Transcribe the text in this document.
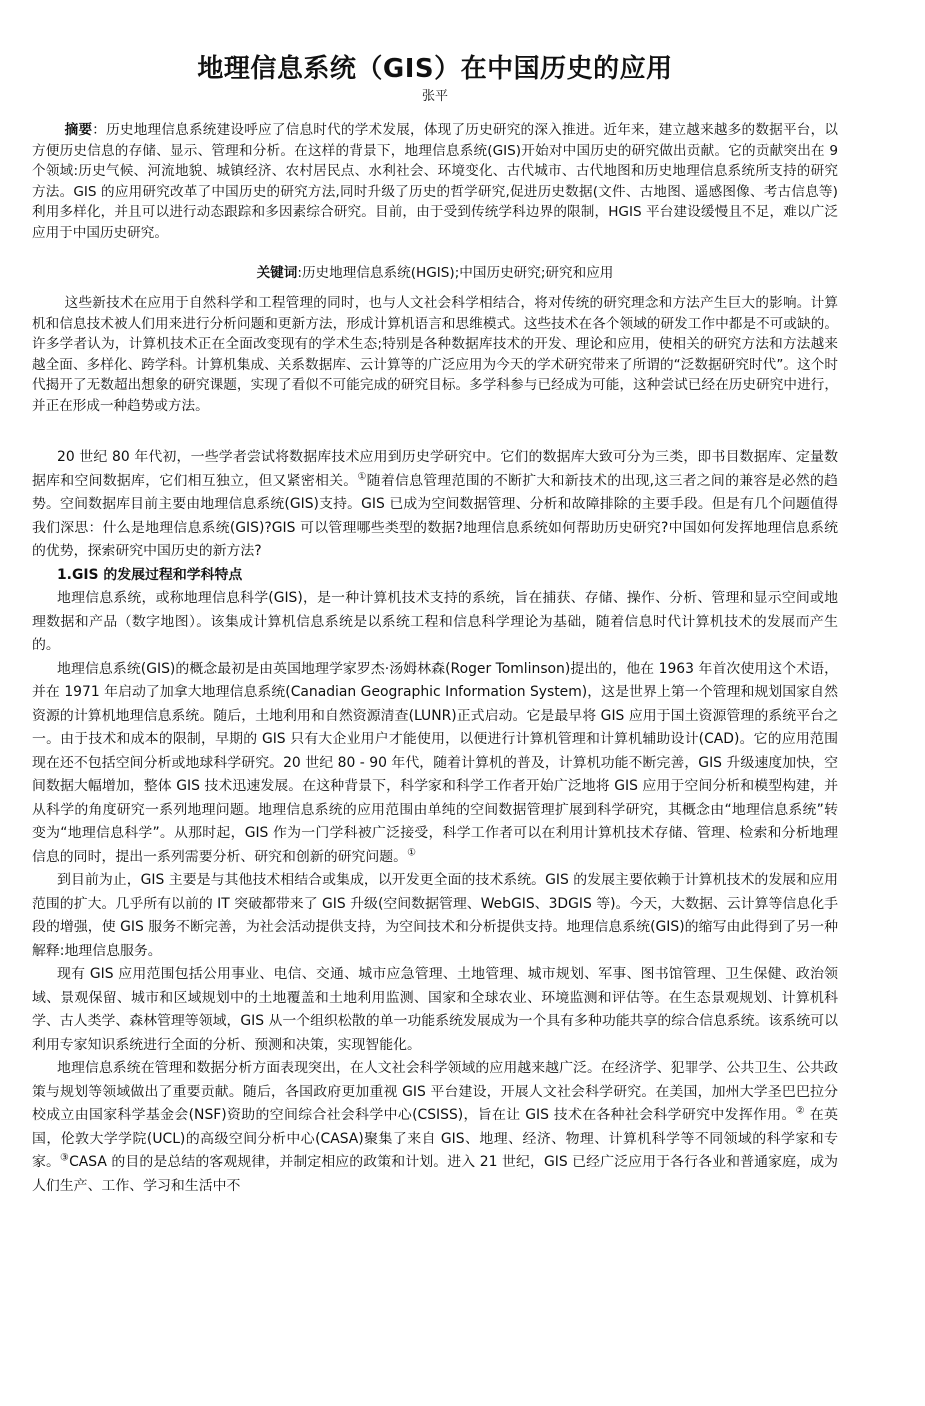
地理信息系统（GIS）在中国历史的应用

张平

摘要：历史地理信息系统建设呼应了信息时代的学术发展，体现了历史研究的深入推进。近年来，建立越来越多的数据平台，以方便历史信息的存储、显示、管理和分析。在这样的背景下，地理信息系统(GIS)开始对中国历史的研究做出贡献。它的贡献突出在 9 个领域:历史气候、河流地貌、城镇经济、农村居民点、水利社会、环境变化、古代城市、古代地图和历史地理信息系统所支持的研究方法。GIS 的应用研究改革了中国历史的研究方法,同时升级了历史的哲学研究,促进历史数据(文件、古地图、遥感图像、考古信息等)利用多样化，并且可以进行动态跟踪和多因素综合研究。目前，由于受到传统学科边界的限制，HGIS 平台建设缓慢且不足，难以广泛应用于中国历史研究。

关键词:历史地理信息系统(HGIS);中国历史研究;研究和应用

这些新技术在应用于自然科学和工程管理的同时，也与人文社会科学相结合，将对传统的研究理念和方法产生巨大的影响。计算机和信息技术被人们用来进行分析问题和更新方法，形成计算机语言和思维模式。这些技术在各个领域的研发工作中都是不可或缺的。许多学者认为，计算机技术正在全面改变现有的学术生态;特别是各种数据库技术的开发、理论和应用，使相关的研究方法和方法越来越全面、多样化、跨学科。计算机集成、关系数据库、云计算等的广泛应用为今天的学术研究带来了所谓的“泛数据研究时代”。这个时代揭开了无数超出想象的研究课题，实现了看似不可能完成的研究目标。多学科参与已经成为可能，这种尝试已经在历史研究中进行，并正在形成一种趋势或方法。

20 世纪 80 年代初，一些学者尝试将数据库技术应用到历史学研究中。它们的数据库大致可分为三类，即书目数据库、定量数据库和空间数据库，它们相互独立，但又紧密相关。①随着信息管理范围的不断扩大和新技术的出现,这三者之间的兼容是必然的趋势。空间数据库目前主要由地理信息系统(GIS)支持。GIS 已成为空间数据管理、分析和故障排除的主要手段。但是有几个问题值得我们深思：什么是地理信息系统(GIS)?GIS 可以管理哪些类型的数据?地理信息系统如何帮助历史研究?中国如何发挥地理信息系统的优势，探索研究中国历史的新方法?

1.GIS 的发展过程和学科特点

地理信息系统，或称地理信息科学(GIS)，是一种计算机技术支持的系统，旨在捕获、存储、操作、分析、管理和显示空间或地理数据和产品（数字地图）。该集成计算机信息系统是以系统工程和信息科学理论为基础，随着信息时代计算机技术的发展而产生的。

地理信息系统(GIS)的概念最初是由英国地理学家罗杰·汤姆林森(Roger Tomlinson)提出的，他在 1963 年首次使用这个术语，并在 1971 年启动了加拿大地理信息系统(Canadian Geographic Information System)，这是世界上第一个管理和规划国家自然资源的计算机地理信息系统。随后，土地利用和自然资源清查(LUNR)正式启动。它是最早将 GIS 应用于国土资源管理的系统平台之一。由于技术和成本的限制，早期的 GIS 只有大企业用户才能使用，以便进行计算机管理和计算机辅助设计(CAD)。它的应用范围现在还不包括空间分析或地球科学研究。20 世纪 80 - 90 年代，随着计算机的普及，计算机功能不断完善，GIS 升级速度加快，空间数据大幅增加，整体 GIS 技术迅速发展。在这种背景下，科学家和科学工作者开始广泛地将 GIS 应用于空间分析和模型构建，并从科学的角度研究一系列地理问题。地理信息系统的应用范围由单纯的空间数据管理扩展到科学研究，其概念由“地理信息系统”转变为“地理信息科学”。从那时起，GIS 作为一门学科被广泛接受，科学工作者可以在利用计算机技术存储、管理、检索和分析地理信息的同时，提出一系列需要分析、研究和创新的研究问题。①

到目前为止，GIS 主要是与其他技术相结合或集成，以开发更全面的技术系统。GIS 的发展主要依赖于计算机技术的发展和应用范围的扩大。几乎所有以前的 IT 突破都带来了 GIS 升级(空间数据管理、WebGIS、3DGIS 等)。今天，大数据、云计算等信息化手段的增强，使 GIS 服务不断完善，为社会活动提供支持，为空间技术和分析提供支持。地理信息系统(GIS)的缩写由此得到了另一种解释:地理信息服务。

现有 GIS 应用范围包括公用事业、电信、交通、城市应急管理、土地管理、城市规划、军事、图书馆管理、卫生保健、政治领域、景观保留、城市和区域规划中的土地覆盖和土地利用监测、国家和全球农业、环境监测和评估等。在生态景观规划、计算机科学、古人类学、森林管理等领域，GIS 从一个组织松散的单一功能系统发展成为一个具有多种功能共享的综合信息系统。该系统可以利用专家知识系统进行全面的分析、预测和决策，实现智能化。

地理信息系统在管理和数据分析方面表现突出，在人文社会科学领域的应用越来越广泛。在经济学、犯罪学、公共卫生、公共政策与规划等领域做出了重要贡献。随后，各国政府更加重视 GIS 平台建设，开展人文社会科学研究。在美国，加州大学圣巴巴拉分校成立由国家科学基金会(NSF)资助的空间综合社会科学中心(CSISS)，旨在让 GIS 技术在各种社会科学研究中发挥作用。② 在英国，伦敦大学学院(UCL)的高级空间分析中心(CASA)聚集了来自 GIS、地理、经济、物理、计算机科学等不同领域的科学家和专家。③CASA 的目的是总结的客观规律，并制定相应的政策和计划。进入 21 世纪，GIS 已经广泛应用于各行各业和普通家庭，成为人们生产、工作、学习和生活中不
